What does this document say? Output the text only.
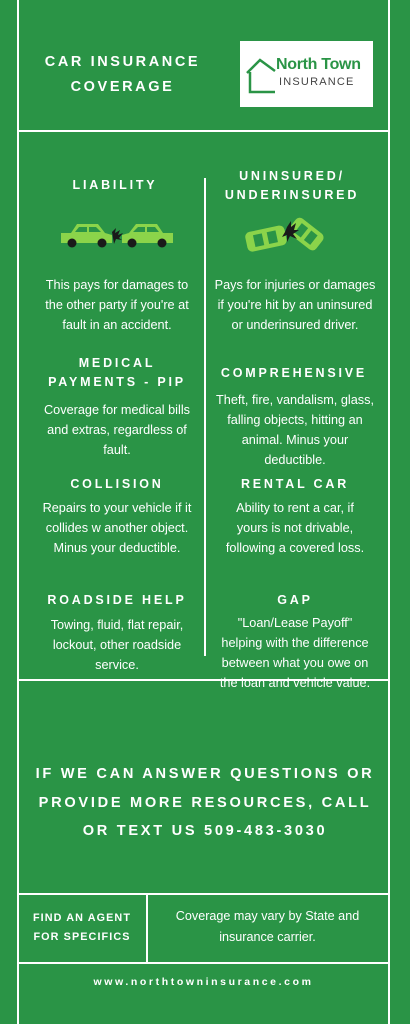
CAR INSURANCE COVERAGE
North Town
INSURANCE
LIABILITY
This pays for damages to the other party if you're at fault in an accident.
UNINSURED/ UNDERINSURED
Pays for injuries or damages if you're hit by an uninsured or underinsured driver.
MEDICAL PAYMENTS - PIP
Coverage for medical bills and extras, regardless of fault.
COMPREHENSIVE
Theft, fire, vandalism, glass, falling objects, hitting an animal. Minus your deductible.
COLLISION
Repairs to your vehicle if it collides w another object. Minus your deductible.
RENTAL CAR
Ability to rent a car, if yours is not drivable, following a covered loss.
ROADSIDE HELP
Towing, fluid, flat repair, lockout, other roadside service.
GAP
"Loan/Lease Payoff" helping with the difference between what you owe on the loan and vehicle value.
IF WE CAN ANSWER QUESTIONS OR PROVIDE MORE RESOURCES, CALL OR TEXT US 509-483-3030
FIND AN AGENT FOR SPECIFICS
Coverage may vary by State and insurance carrier.
www.northtowninsurance.com
